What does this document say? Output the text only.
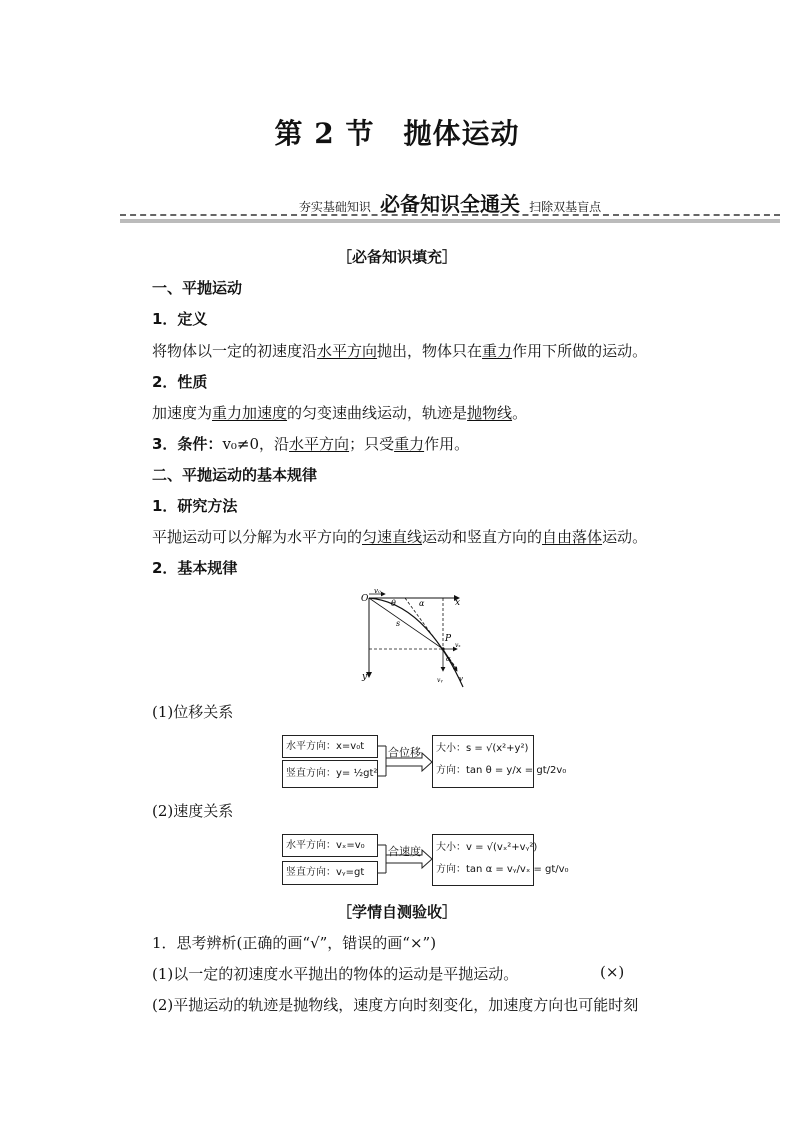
第 2 节　抛体运动
夯实基础知识 必备知识全通关 扫除双基盲点
［必备知识填充］
一、平抛运动
1．定义
将物体以一定的初速度沿水平方向抛出，物体只在重力作用下所做的运动。
2．性质
加速度为重力加速度的匀变速曲线运动，轨迹是抛物线。
3．条件：v₀≠0，沿水平方向；只受重力作用。
二、平抛运动的基本规律
1．研究方法
平抛运动可以分解为水平方向的匀速直线运动和竖直方向的自由落体运动。
2．基本规律
O	x
y
v₀
θ	α
s
P
vₓ
α
vᵧ v
(1)位移关系
水平方向：x=v₀t
竖直方向：y= ½gt²
合位移 大小：s = √(x²+y²)
方向：tan θ = y/x = gt/2v₀
(2)速度关系
水平方向：vₓ=v₀
竖直方向：vᵧ=gt
合速度 大小：v = √(vₓ²+vᵧ²)
方向：tan α = vᵧ/vₓ = gt/v₀
［学情自测验收］
1．思考辨析(正确的画“√”，错误的画“×”)
(1)以一定的初速度水平抛出的物体的运动是平抛运动。	(×)
(2)平抛运动的轨迹是抛物线，速度方向时刻变化，加速度方向也可能时刻
